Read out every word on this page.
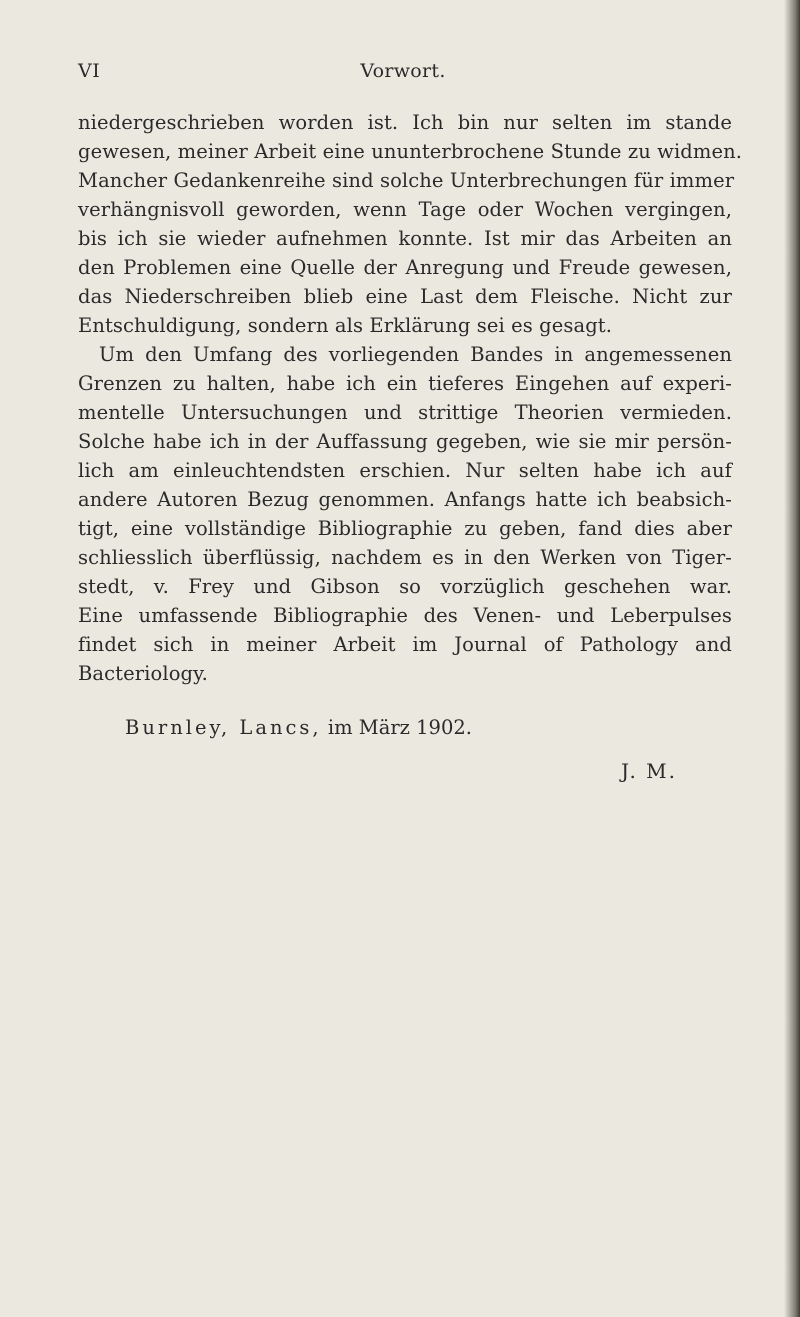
VI	Vorwort.
niedergeschrieben worden ist. Ich bin nur selten im stande
gewesen, meiner Arbeit eine ununterbrochene Stunde zu widmen.
Mancher Gedankenreihe sind solche Unterbrechungen für immer
verhängnisvoll geworden, wenn Tage oder Wochen vergingen,
bis ich sie wieder aufnehmen konnte. Ist mir das Arbeiten an
den Problemen eine Quelle der Anregung und Freude gewesen,
das Niederschreiben blieb eine Last dem Fleische. Nicht zur
Entschuldigung, sondern als Erklärung sei es gesagt.
Um den Umfang des vorliegenden Bandes in angemessenen
Grenzen zu halten, habe ich ein tieferes Eingehen auf experi-
mentelle Untersuchungen und strittige Theorien vermieden.
Solche habe ich in der Auffassung gegeben, wie sie mir persön-
lich am einleuchtendsten erschien. Nur selten habe ich auf
andere Autoren Bezug genommen. Anfangs hatte ich beabsich-
tigt, eine vollständige Bibliographie zu geben, fand dies aber
schliesslich überflüssig, nachdem es in den Werken von Tiger-
stedt, v. Frey und Gibson so vorzüglich geschehen war.
Eine umfassende Bibliographie des Venen- und Leberpulses
findet sich in meiner Arbeit im Journal of Pathology and
Bacteriology.
Burnley, Lancs, im März 1902.
J. M.
